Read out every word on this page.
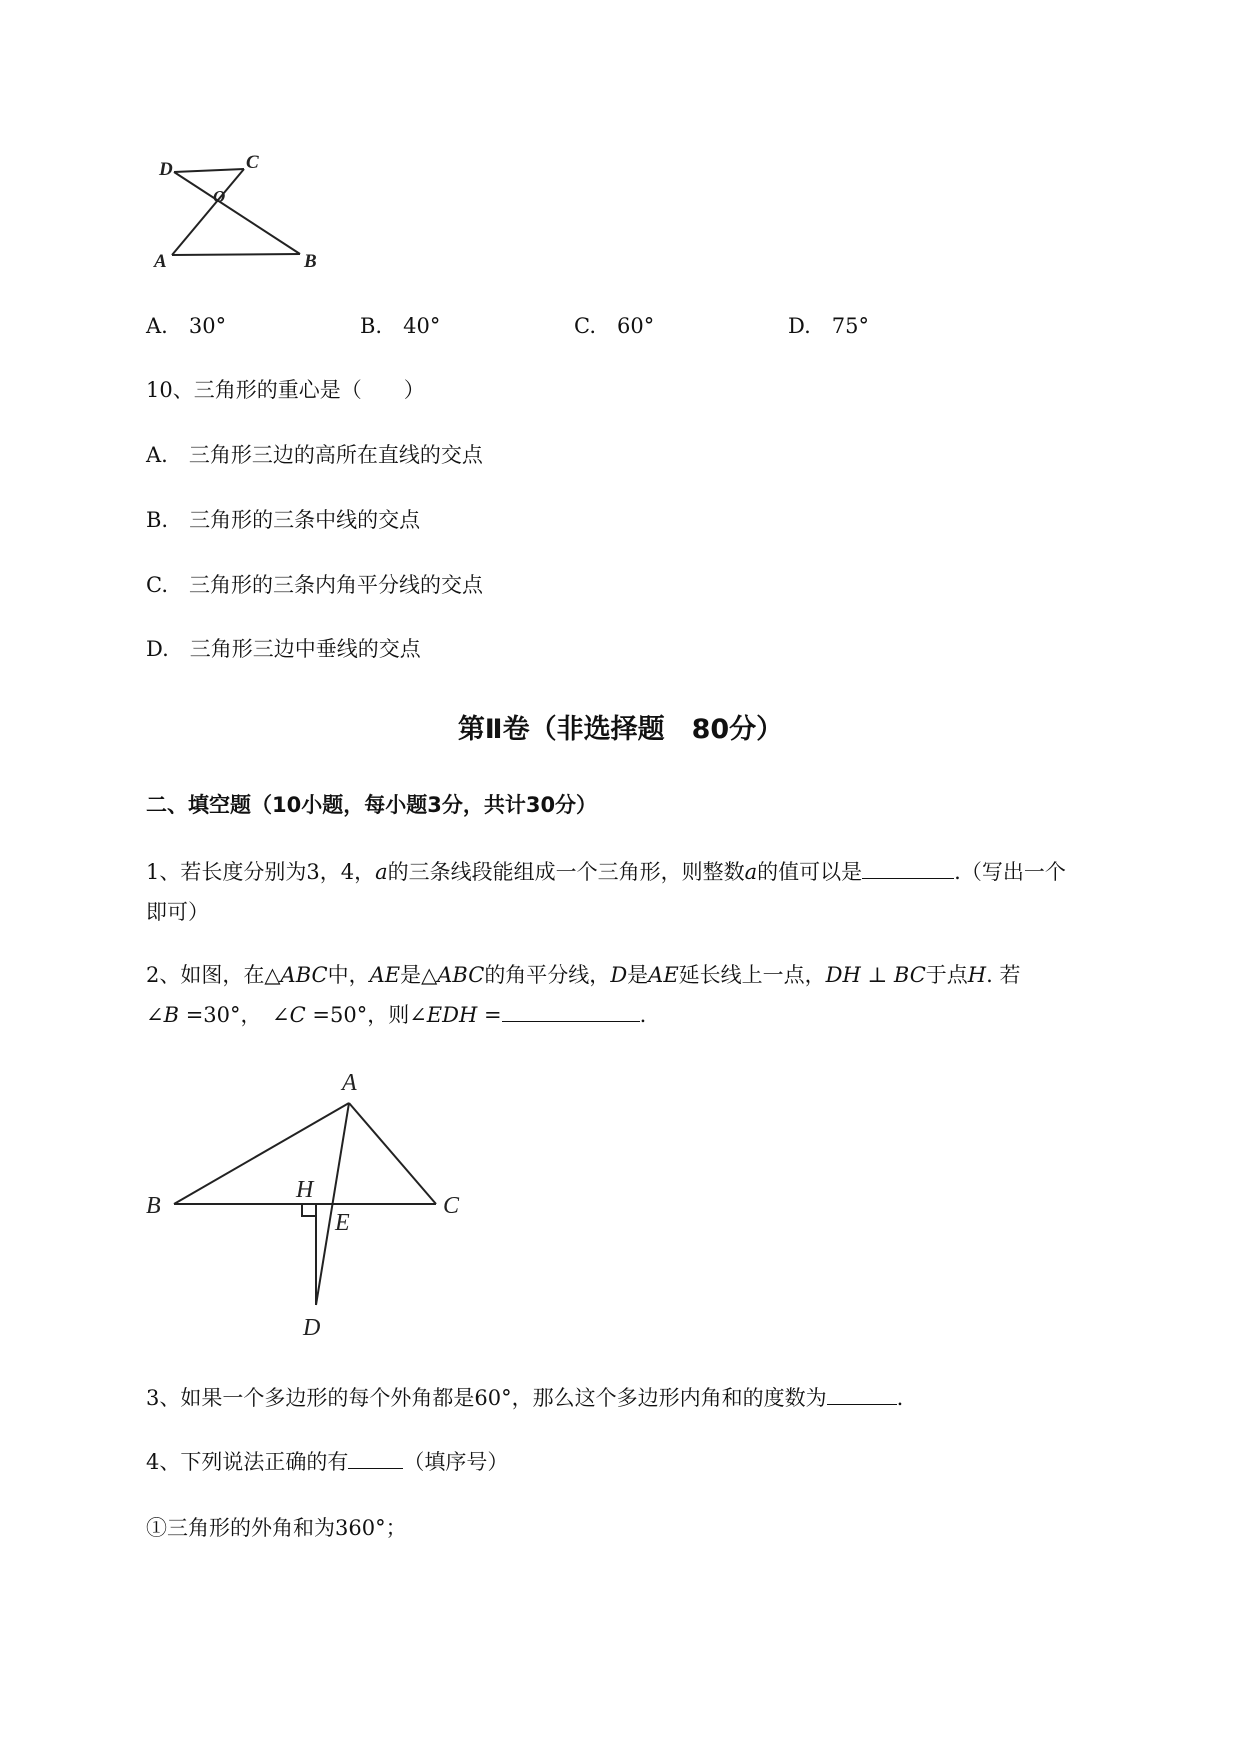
D	C
O
A	B
A.　 30°	B.　 40°	C.　 60°	D.　 75°
10、三角形的重心是（　　）
A.　 三角形三边的高所在直线的交点
B.　 三角形的三条中线的交点
C.　 三角形的三条内角平分线的交点
D.　 三角形三边中垂线的交点
第Ⅱ卷（非选择题　80分）
二、填空题（10小题，每小题3分，共计30分）
1、若长度分别为3，4，a的三条线段能组成一个三角形，则整数a的值可以是	.（写出一个
即可）
2、如图，在△ABC中，AE是△ABC的角平分线，D是AE延长线上一点，DH ⊥ BC于点H. 若
∠B =30°，　 ∠C =50°，则∠EDH =	.
A
B	C
H
E
D
3、如果一个多边形的每个外角都是60°，那么这个多边形内角和的度数为	.
4、下列说法正确的有	（填序号）
①三角形的外角和为360°；
